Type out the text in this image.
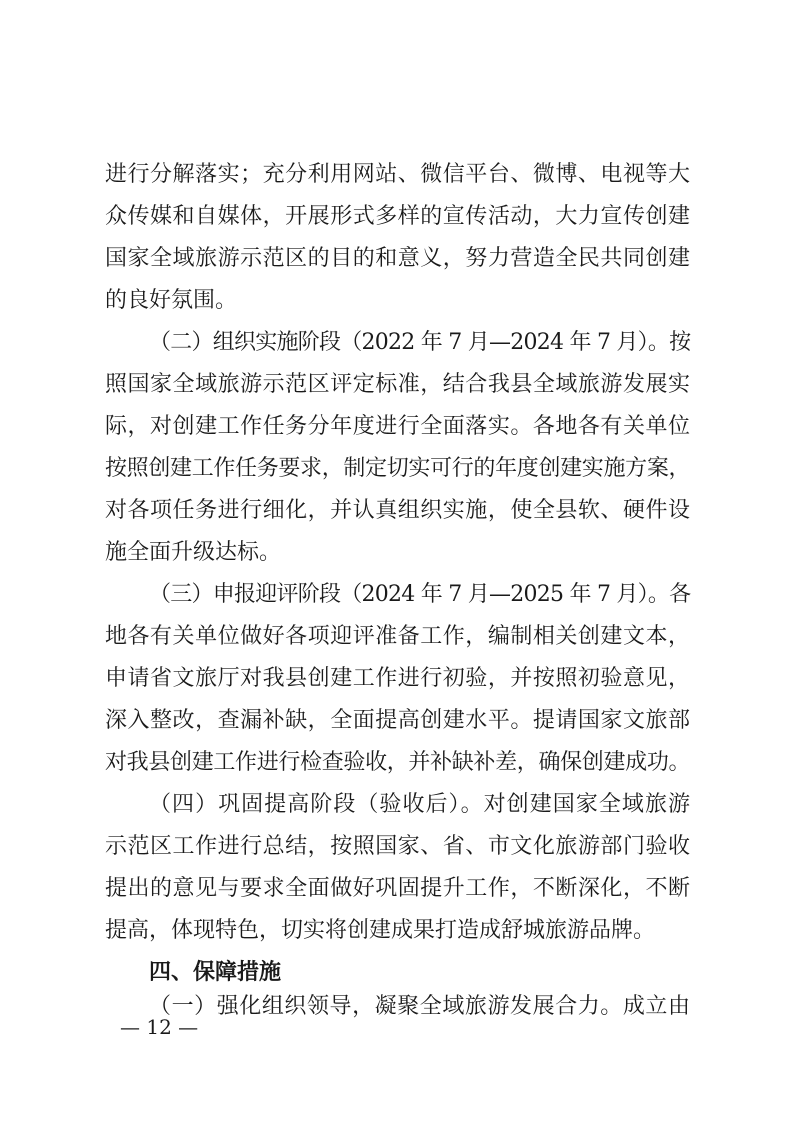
进行分解落实；充分利用网站、微信平台、微博、电视等大
众传媒和自媒体，开展形式多样的宣传活动，大力宣传创建
国家全域旅游示范区的目的和意义，努力营造全民共同创建
的良好氛围。
（二）组织实施阶段（2022 年 7 月—2024 年 7 月）。按
照国家全域旅游示范区评定标准，结合我县全域旅游发展实
际，对创建工作任务分年度进行全面落实。各地各有关单位
按照创建工作任务要求，制定切实可行的年度创建实施方案，
对各项任务进行细化，并认真组织实施，使全县软、硬件设
施全面升级达标。
（三）申报迎评阶段（2024 年 7 月—2025 年 7 月）。各
地各有关单位做好各项迎评准备工作，编制相关创建文本，
申请省文旅厅对我县创建工作进行初验，并按照初验意见，
深入整改，查漏补缺，全面提高创建水平。提请国家文旅部
对我县创建工作进行检查验收，并补缺补差，确保创建成功。
（四）巩固提高阶段（验收后）。对创建国家全域旅游
示范区工作进行总结，按照国家、省、市文化旅游部门验收
提出的意见与要求全面做好巩固提升工作，不断深化，不断
提高，体现特色，切实将创建成果打造成舒城旅游品牌。
四、保障措施
（一）强化组织领导，凝聚全域旅游发展合力。成立由
— 12 —
